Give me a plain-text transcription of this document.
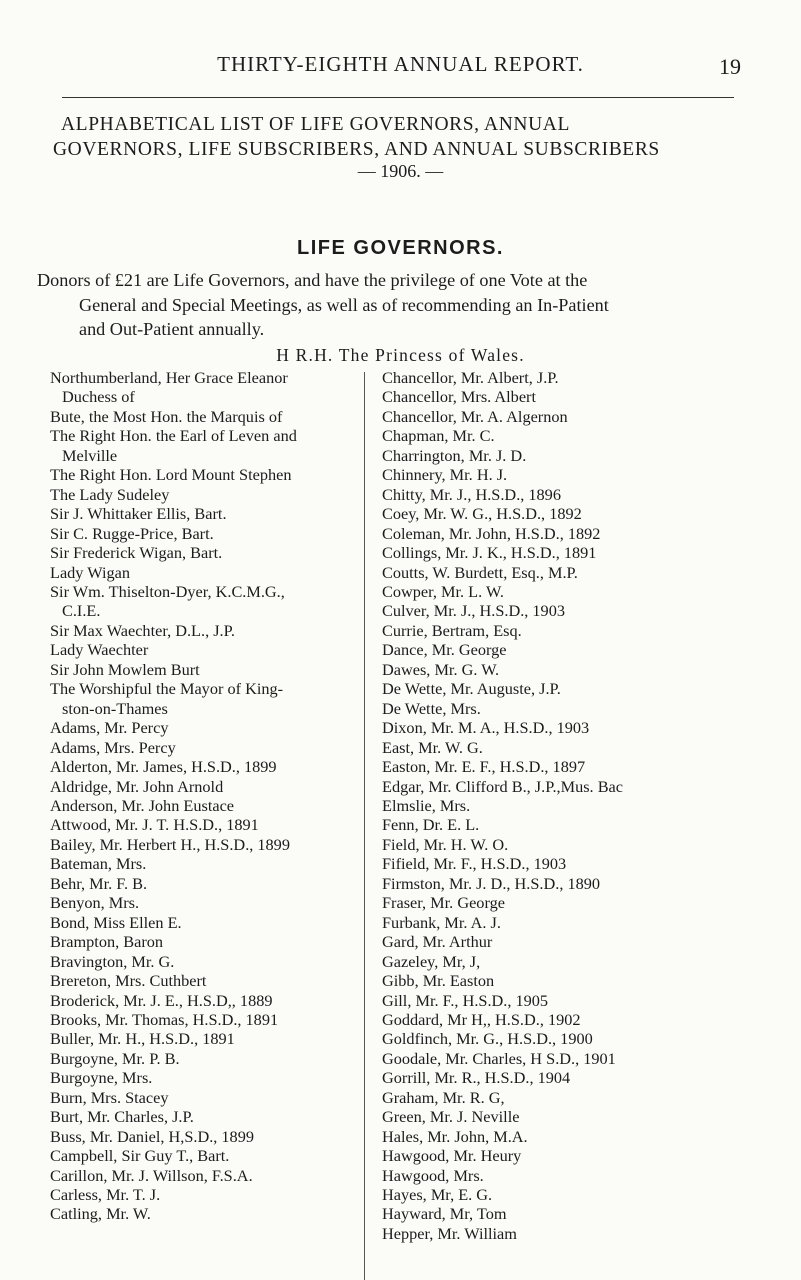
THIRTY-EIGHTH ANNUAL REPORT.	19
ALPHABETICAL LIST OF LIFE GOVERNORS, ANNUAL
GOVERNORS, LIFE SUBSCRIBERS, AND ANNUAL SUBSCRIBERS
— 1906. —
LIFE GOVERNORS.
Donors of £21 are Life Governors, and have the privilege of one Vote at the
General and Special Meetings, as well as of recommending an In-Patient
and Out-Patient annually.
H R.H. The Princess of Wales.
Northumberland, Her Grace Eleanor
Duchess of
Bute, the Most Hon. the Marquis of
The Right Hon. the Earl of Leven and
Melville
The Right Hon. Lord Mount Stephen
The Lady Sudeley
Sir J. Whittaker Ellis, Bart.
Sir C. Rugge-Price, Bart.
Sir Frederick Wigan, Bart.
Lady Wigan
Sir Wm. Thiselton-Dyer, K.C.M.G.,
C.I.E.
Sir Max Waechter, D.L., J.P.
Lady Waechter
Sir John Mowlem Burt
The Worshipful the Mayor of King-
ston-on-Thames
Adams, Mr. Percy
Adams, Mrs. Percy
Alderton, Mr. James, H.S.D., 1899
Aldridge, Mr. John Arnold
Anderson, Mr. John Eustace
Attwood, Mr. J. T. H.S.D., 1891
Bailey, Mr. Herbert H., H.S.D., 1899
Bateman, Mrs.
Behr, Mr. F. B.
Benyon, Mrs.
Bond, Miss Ellen E.
Brampton, Baron
Bravington, Mr. G.
Brereton, Mrs. Cuthbert
Broderick, Mr. J. E., H.S.D,, 1889
Brooks, Mr. Thomas, H.S.D., 1891
Buller, Mr. H., H.S.D., 1891
Burgoyne, Mr. P. B.
Burgoyne, Mrs.
Burn, Mrs. Stacey
Burt, Mr. Charles, J.P.
Buss, Mr. Daniel, H,S.D., 1899
Campbell, Sir Guy T., Bart.
Carillon, Mr. J. Willson, F.S.A.
Carless, Mr. T. J.
Catling, Mr. W.
Chancellor, Mr. Albert, J.P.
Chancellor, Mrs. Albert
Chancellor, Mr. A. Algernon
Chapman, Mr. C.
Charrington, Mr. J. D.
Chinnery, Mr. H. J.
Chitty, Mr. J., H.S.D., 1896
Coey, Mr. W. G., H.S.D., 1892
Coleman, Mr. John, H.S.D., 1892
Collings, Mr. J. K., H.S.D., 1891
Coutts, W. Burdett, Esq., M.P.
Cowper, Mr. L. W.
Culver, Mr. J., H.S.D., 1903
Currie, Bertram, Esq.
Dance, Mr. George
Dawes, Mr. G. W.
De Wette, Mr. Auguste, J.P.
De Wette, Mrs.
Dixon, Mr. M. A., H.S.D., 1903
East, Mr. W. G.
Easton, Mr. E. F., H.S.D., 1897
Edgar, Mr. Clifford B., J.P.,Mus. Bac
Elmslie, Mrs.
Fenn, Dr. E. L.
Field, Mr. H. W. O.
Fifield, Mr. F., H.S.D., 1903
Firmston, Mr. J. D., H.S.D., 1890
Fraser, Mr. George
Furbank, Mr. A. J.
Gard, Mr. Arthur
Gazeley, Mr, J,
Gibb, Mr. Easton
Gill, Mr. F., H.S.D., 1905
Goddard, Mr H,, H.S.D., 1902
Goldfinch, Mr. G., H.S.D., 1900
Goodale, Mr. Charles, H S.D., 1901
Gorrill, Mr. R., H.S.D., 1904
Graham, Mr. R. G,
Green, Mr. J. Neville
Hales, Mr. John, M.A.
Hawgood, Mr. Heury
Hawgood, Mrs.
Hayes, Mr, E. G.
Hayward, Mr, Tom
Hepper, Mr. William
